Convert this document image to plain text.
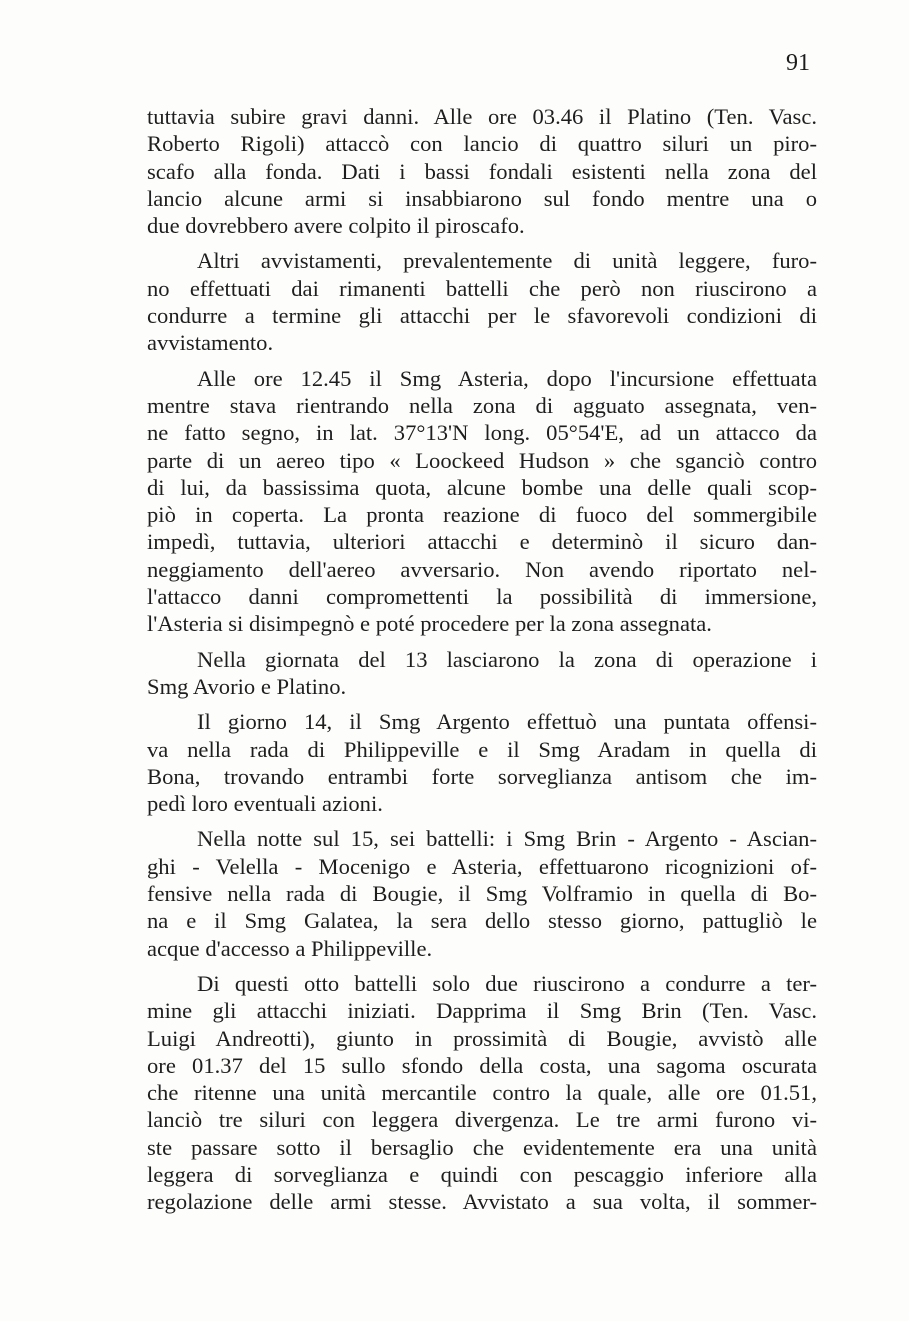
91
tuttavia subire gravi danni. Alle ore 03.46 il Platino (Ten. Vasc.
Roberto Rigoli) attaccò con lancio di quattro siluri un piro-
scafo alla fonda. Dati i bassi fondali esistenti nella zona del
lancio alcune armi si insabbiarono sul fondo mentre una o
due dovrebbero avere colpito il piroscafo.
Altri avvistamenti, prevalentemente di unità leggere, furo-
no effettuati dai rimanenti battelli che però non riuscirono a
condurre a termine gli attacchi per le sfavorevoli condizioni di
avvistamento.
Alle ore 12.45 il Smg Asteria, dopo l'incursione effettuata
mentre stava rientrando nella zona di agguato assegnata, ven-
ne fatto segno, in lat. 37°13'N long. 05°54'E, ad un attacco da
parte di un aereo tipo « Loockeed Hudson » che sganciò contro
di lui, da bassissima quota, alcune bombe una delle quali scop-
piò in coperta. La pronta reazione di fuoco del sommergibile
impedì, tuttavia, ulteriori attacchi e determinò il sicuro dan-
neggiamento dell'aereo avversario. Non avendo riportato nel-
l'attacco danni compromettenti la possibilità di immersione,
l'Asteria si disimpegnò e poté procedere per la zona assegnata.
Nella giornata del 13 lasciarono la zona di operazione i
Smg Avorio e Platino.
Il giorno 14, il Smg Argento effettuò una puntata offensi-
va nella rada di Philippeville e il Smg Aradam in quella di
Bona, trovando entrambi forte sorveglianza antisom che im-
pedì loro eventuali azioni.
Nella notte sul 15, sei battelli: i Smg Brin - Argento - Ascian-
ghi - Velella - Mocenigo e Asteria, effettuarono ricognizioni of-
fensive nella rada di Bougie, il Smg Volframio in quella di Bo-
na e il Smg Galatea, la sera dello stesso giorno, pattugliò le
acque d'accesso a Philippeville.
Di questi otto battelli solo due riuscirono a condurre a ter-
mine gli attacchi iniziati. Dapprima il Smg Brin (Ten. Vasc.
Luigi Andreotti), giunto in prossimità di Bougie, avvistò alle
ore 01.37 del 15 sullo sfondo della costa, una sagoma oscurata
che ritenne una unità mercantile contro la quale, alle ore 01.51,
lanciò tre siluri con leggera divergenza. Le tre armi furono vi-
ste passare sotto il bersaglio che evidentemente era una unità
leggera di sorveglianza e quindi con pescaggio inferiore alla
regolazione delle armi stesse. Avvistato a sua volta, il sommer-
